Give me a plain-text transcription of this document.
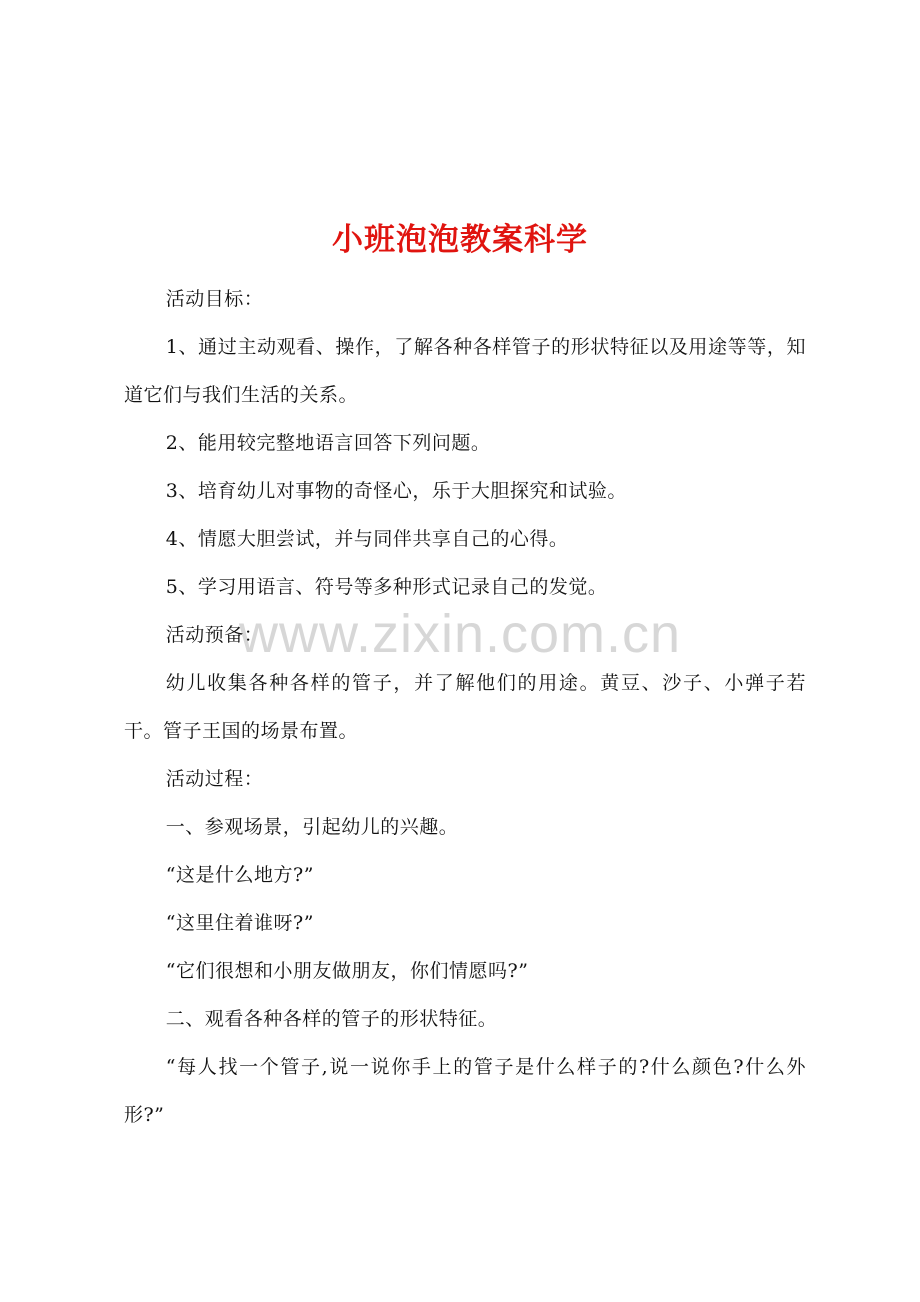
小班泡泡教案科学
www.zixin.com.cn

活动目标：

1、通过主动观看、操作，了解各种各样管子的形状特征以及用途等等，知道它们与我们生活的关系。

2、能用较完整地语言回答下列问题。

3、培育幼儿对事物的奇怪心，乐于大胆探究和试验。

4、情愿大胆尝试，并与同伴共享自己的心得。

5、学习用语言、符号等多种形式记录自己的发觉。

活动预备：

幼儿收集各种各样的管子，并了解他们的用途。黄豆、沙子、小弹子若干。管子王国的场景布置。

活动过程：

一、参观场景，引起幼儿的兴趣。

“这是什么地方?”

“这里住着谁呀?”

“它们很想和小朋友做朋友，你们情愿吗?”

二、观看各种各样的管子的形状特征。

“每人找一个管子,说一说你手上的管子是什么样子的?什么颜色?什么外形?”
